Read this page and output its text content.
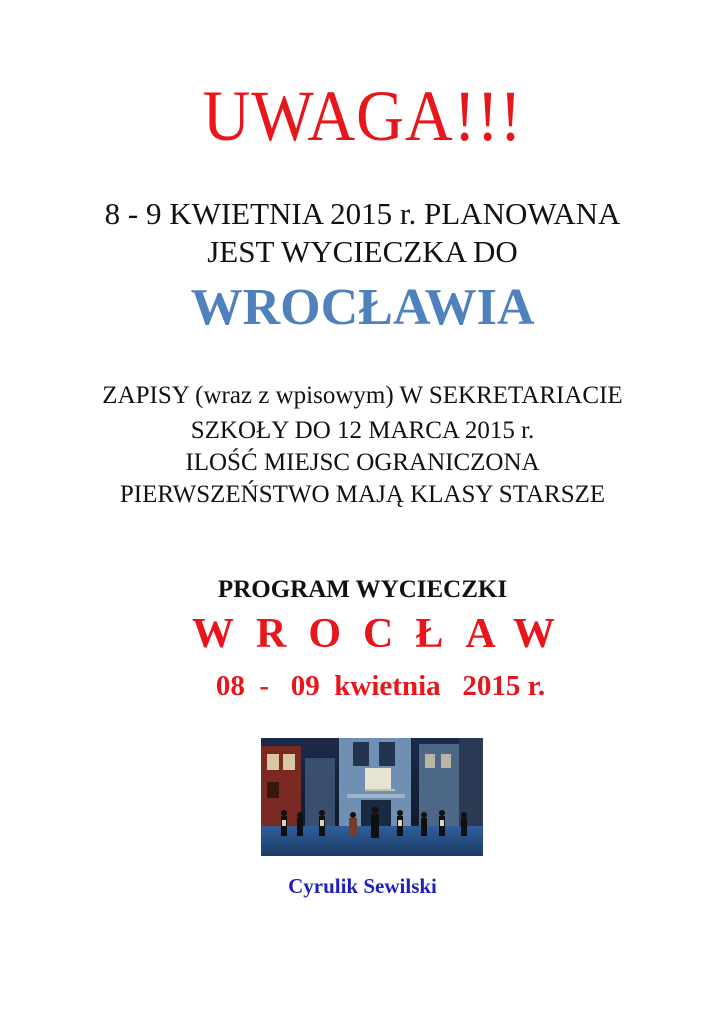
UWAGA!!!
8 - 9 KWIETNIA 2015 r. PLANOWANA
JEST WYCIECZKA DO
WROCŁAWIA
ZAPISY (wraz z wpisowym) W SEKRETARIACIE
SZKOŁY DO 12 MARCA 2015 r.
ILOŚĆ MIEJSC OGRANICZONA
PIERWSZEŃSTWO MAJĄ KLASY STARSZE
PROGRAM WYCIECZKI
WROCŁAW
08  -   09  kwietnia   2015 r.
Cyrulik Sewilski
